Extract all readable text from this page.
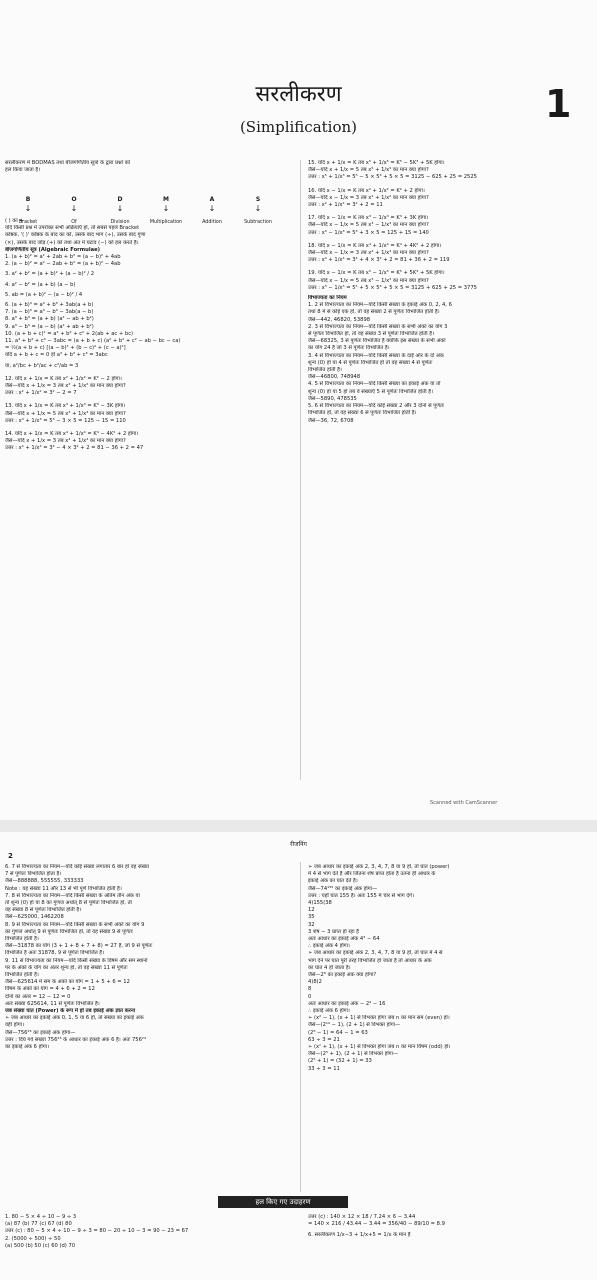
सरलीकरण
(Simplification)
1
सरलीकरण में BODMAS तथा बीजगणितीय सूत्रों के द्वारा प्रश्नों को
हल किया जाता है।
B	O	D	M	A	S
↓	↓	↓	↓	↓	↓
Bracket	Of	Division	Multiplication	Addition	Subtraction
( ) का +
यदि किसी प्रश्न में उपरोक्त सभी अक्रियाएँ हों, तो सबसे पहले Bracket
कोष्ठक, '( )' कोष्ठक के बाद का को, उसके बाद भाग (÷), उसके बाद गुणा
(×), उसके बाद जोड़ (+) को तथा अंत में घटाव (−) को हल करते हैं।
बीजगणितीय सूत्र (Algebraic Formulae)
1. (a + b)² = a² + 2ab + b² = (a − b)² + 4ab
2. (a − b)² = a² − 2ab + b² = (a + b)² − 4ab
3. a² + b² = (a + b)² + (a − b)² / 2
4. a² − b² = (a + b) (a − b)
5. ab = (a + b)² − (a − b)² / 4
6. (a + b)³ = a³ + b³ + 3ab(a + b)
7. (a − b)³ = a³ − b³ − 3ab(a − b)
8. a³ + b³ = (a + b) (a² − ab + b²)
9. a³ − b³ = (a − b) (a² + ab + b²)
10. (a + b + c)² = a² + b² + c² + 2(ab + ac + bc)
11. a³ + b³ + c³ − 3abc = (a + b + c) (a² + b² + c² − ab − bc − ca)
= ½(a + b + c) [(a − b)² + (b − c)² + (c − a)²]
यदि a + b + c = 0 हो a³ + b³ + c³ = 3abc
या, a²/bc + b²/ac + c²/ab = 3
12. यदि x + 1/x = K तब x² + 1/x² = K² − 2 होगा।
जैसे—यदि x + 1/x = 3 तब x² + 1/x² का मान क्या होगा?
उत्तर : x² + 1/x² = 3² − 2 = 7
13. यदि x + 1/x = K तब x³ + 1/x³ = K³ − 3K होगा।
जैसे—यदि x + 1/x = 5 तब x³ + 1/x³ का मान क्या होगा?
उत्तर : x³ + 1/x³ = 5³ − 3 × 5 = 125 − 15 = 110
14. यदि x + 1/x = K तब x⁴ + 1/x⁴ = K⁴ − 4K² + 2 होगा।
जैसे—यदि x + 1/x = 3 तब x⁴ + 1/x⁴ का मान क्या होगा?
उत्तर : x⁴ + 1/x⁴ = 3⁴ − 4 × 3² + 2 = 81 − 36 + 2 = 47
15. यदि x + 1/x = K तब x⁵ + 1/x⁵ = K⁵ − 5K³ + 5K होगा।
जैसे—यदि x + 1/x = 5 तब x⁵ + 1/x⁵ का मान क्या होगा?
उत्तर : x⁵ + 1/x⁵ = 5⁵ − 5 × 5³ + 5 × 5 = 3125 − 625 + 25 = 2525
16. यदि x − 1/x = K तब x² + 1/x² = K² + 2 होगा।
जैसे—यदि x − 1/x = 3 तब x² + 1/x² का मान क्या होगा?
उत्तर : x² + 1/x² = 3² + 2 = 11
17. यदि x − 1/x = K तब x³ − 1/x³ = K³ + 3K होगा।
जैसे—यदि x − 1/x = 5 तब x³ − 1/x³ का मान क्या होगा?
उत्तर : x³ − 1/x³ = 5³ + 3 × 5 = 125 + 15 = 140
18. यदि x − 1/x = K तब x⁴ + 1/x⁴ = K⁴ + 4K² + 2 होगा।
जैसे—यदि x − 1/x = 3 तब x⁴ + 1/x⁴ का मान क्या होगा?
उत्तर : x⁴ + 1/x⁴ = 3⁴ + 4 × 3² + 2 = 81 + 36 + 2 = 119
19. यदि x − 1/x = K तब x⁵ − 1/x⁵ = K⁵ + 5K³ + 5K होगा।
जैसे—यदि x − 1/x = 5 तब x⁵ − 1/x⁵ का मान क्या होगा?
उत्तर : x⁵ − 1/x⁵ = 5⁵ + 5 × 5³ + 5 × 5 = 3125 + 625 + 25 = 3775
विभाज्यता का नियम
1. 2 से विभाज्यता का नियम—यदि किसी संख्या के इकाई अंक 0, 2, 4, 6
तथा 8 में से कोई एक हो, तो वह संख्या 2 से पूर्णतः विभाजित होती है।
जैसे—442, 46820, 53898
2. 3 से विभाज्यता का नियम—यदि किसी संख्या के सभी अंकों का योग 3
से पूर्णतः विभाजित हो, तो वह संख्या 3 से पूर्णतः विभाजित होती है।
जैसे—68325, 3 से पूर्णतः विभाजित है क्योंकि इस संख्या के सभी अंकों
का योग 24 है जो 3 से पूर्णतः विभाजित है।
3. 4 से विभाज्यता का नियम—यदि किसी संख्या के दाईं ओर के दो अंक
शून्य (0) हो या 4 से पूर्णतः विभाजित हो तो वह संख्या 4 से पूर्णतः
विभाजित होती है।
जैसे—46800, 748948
4. 5 से विभाज्यता का नियम—यदि किसी संख्या का इकाई अंक या तो
शून्य (0) हो या 5 हो तब वे संख्याएँ 5 से पूर्णतः विभाजित होती हैं।
जैसे—5890, 478535
5. 6 से विभाज्यता का नियम—यदि कोई संख्या 2 और 3 दोनों से पूर्णतः
विभाजित हो, तो वह संख्या 6 से पूर्णतः विभाजित होती है।
जैसे—36, 72, 6708
Scanned with CamScanner
रीजनिंग
2
6. 7 से विभाज्यता का नियम—यदि कोई संख्या लगातार 6 बार हो वह संख्या
7 से पूर्णतः विभाजित होता है।
जैसे—888888, 555555, 333333
Note : यह संख्या 11 और 13 से भी पूर्ण विभाजित होती है।
7. 8 से विभाज्यता का नियम—यदि किसी संख्या के अंतिम तीन अंक या
तो शून्य (0) हो या 8 का गुणज अर्थात् 8 से पूर्णतः विभाजित हों, तो
वह संख्या 8 से पूर्णतः विभाजित होती है।
जैसे—625000, 1462208
8. 9 से विभाज्यता का नियम—यदि किसी संख्या के सभी अंकों का योग 9
का गुणज अर्थात् 9 से पूर्णतः विभाजित हो, तो वह संख्या 9 से पूर्णतः
विभाजित होती है।
जैसे—31878 का योग (3 + 1 + 8 + 7 + 8) = 27 है, जो 9 से पूर्णतः
विभाजित है अतः 31878, 9 से पूर्णतः विभाजित है।
9. 11 से विभाज्यता का नियम—यदि किसी संख्या के विषम और सम स्थानों
पर के अंकों के योग का अंतर शून्य हो, तो वह संख्या 11 से पूर्णतः
विभाजित होती है।
जैसे—625614 में सम के अंकों का योग = 1 + 5 + 6 = 12
विषम के अंकों का योग = 4 + 6 + 2 = 12
दोनों का अंतर = 12 − 12 = 0
अतः संख्या 625614, 11 से पूर्णतः विभाजित है।
जब संख्या घात (Power) के रूप में हो तब इकाई अंक ज्ञात करना
➢ जब आधार का इकाई अंक 0, 1, 5 या 6 हो, तो संख्या का इकाई अंक
वही होगा।
जैसे—756²³ का इकाई अंक होगा—
उत्तर : दिये गये संख्या 756²³ के आधार का इकाई अंक 6 है। अतः 756²³
का इकाई अंक 6 होगा।
➢ जब आधार का इकाई अंक 2, 3, 4, 7, 8 या 9 हो, तो घात (power)
में 4 से भाग देते हैं और जितना शेष प्राप्त होता है उतना ही आधार के
इकाई अंक का घात देते हैं।
जैसे—74¹⁵⁵ का इकाई अंक होगा—
उत्तर : यहाँ घात 155 है। अतः 155 में चार से भाग देंगे।
4)155(38
12
35
32
3 शेष − 3 प्राप्त हो रहा है
अतः आधार का इकाई अंक 4³ − 64
∴ इकाई अंक 4 होगा।
➢ जब आधार का इकाई अंक 2, 3, 4, 7, 8 या 9 हो, तो घात में 4 से
भाग देने पर घात पूरी तरह विभाजित हो जाता है तो आधार के अंक
का घात 4 हो जाता है।
जैसे—2⁸ का इकाई अंक क्या होगा?
4)8(2
8
0
अतः आधार का इकाई अंक − 2⁴ − 16
∴ इकाई अंक 6 होगा।
➢ (x² − 1), (x + 1) से विभक्त होगा जब n का मान सम (even) हो।
जैसे—(2¹⁰ − 1), (2 + 1) से विभक्त होगा—
(2⁶ − 1) = 64 − 1 = 63
63 ÷ 3 = 21
➢ (xⁿ + 1), (x + 1) से विभक्त होगा जब n का मान विषम (odd) हो।
जैसे—(2⁵ + 1), (2 + 1) से विभक्त होगा—
(2⁵ + 1) = (32 + 1) = 33
33 ÷ 3 = 11
हल किए गए उदाहरण
1. 80 − 5 × 4 ÷ 10 − 9 ÷ 3
(a) 87 (b) 77 (c) 67 (d) 80
उत्तर (c) : 80 − 5 × 4 ÷ 10 − 9 ÷ 3 = 80 − 20 ÷ 10 − 3 = 90 − 23 = 67
2. (5000 ÷ 500) ÷ 50
(a) 500 (b) 50 (c) 60 (d) 70
उत्तर (c) : 140 × 12 × 18 / 7.24 × 6 − 3.44
= 140 × 216 / 43.44 − 3.44 = 356/40 − 89/10 = 8.9
6. सरलीकरण 1/x−3 + 1/x+5 = 1/x के मान है
